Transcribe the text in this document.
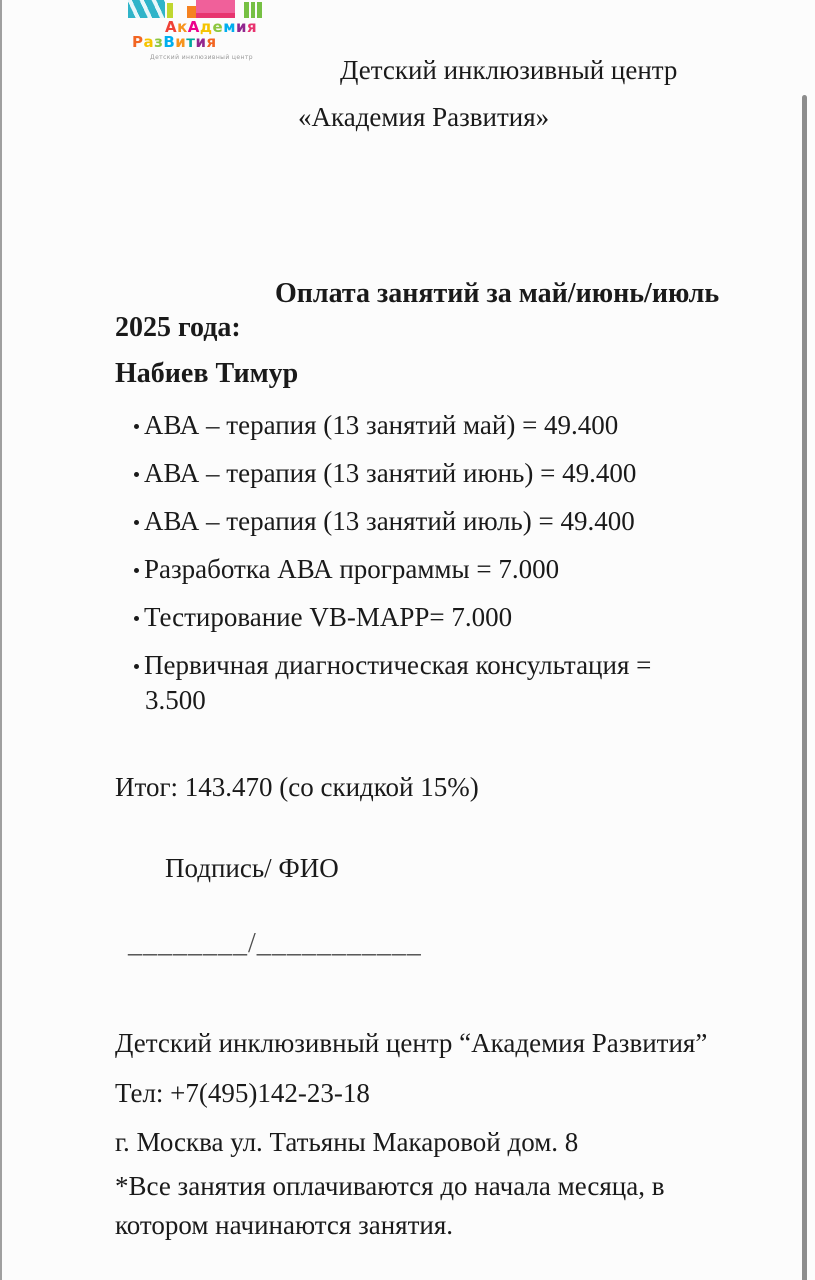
АкАдемия
РазВития
Детский инклюзивный центр	Детский инклюзивный центр
«Академия Развития»
Оплата занятий за май/июнь/июль
2025 года:
Набиев Тимур
АВА – терапия (13 занятий май) = 49.400
АВА – терапия (13 занятий июнь) = 49.400
АВА – терапия (13 занятий июль) = 49.400
Разработка АВА программы = 7.000
Тестирование VB-MAPP= 7.000
Первичная диагностическая консультация =
3.500
Итог: 143.470 (со скидкой 15%)
Подпись/ ФИО
________/___________
Детский инклюзивный центр “Академия Развития”
Тел: +7(495)142-23-18
г. Москва ул. Татьяны Макаровой дом. 8
*Все занятия оплачиваются до начала месяца, в
котором начинаются занятия.
